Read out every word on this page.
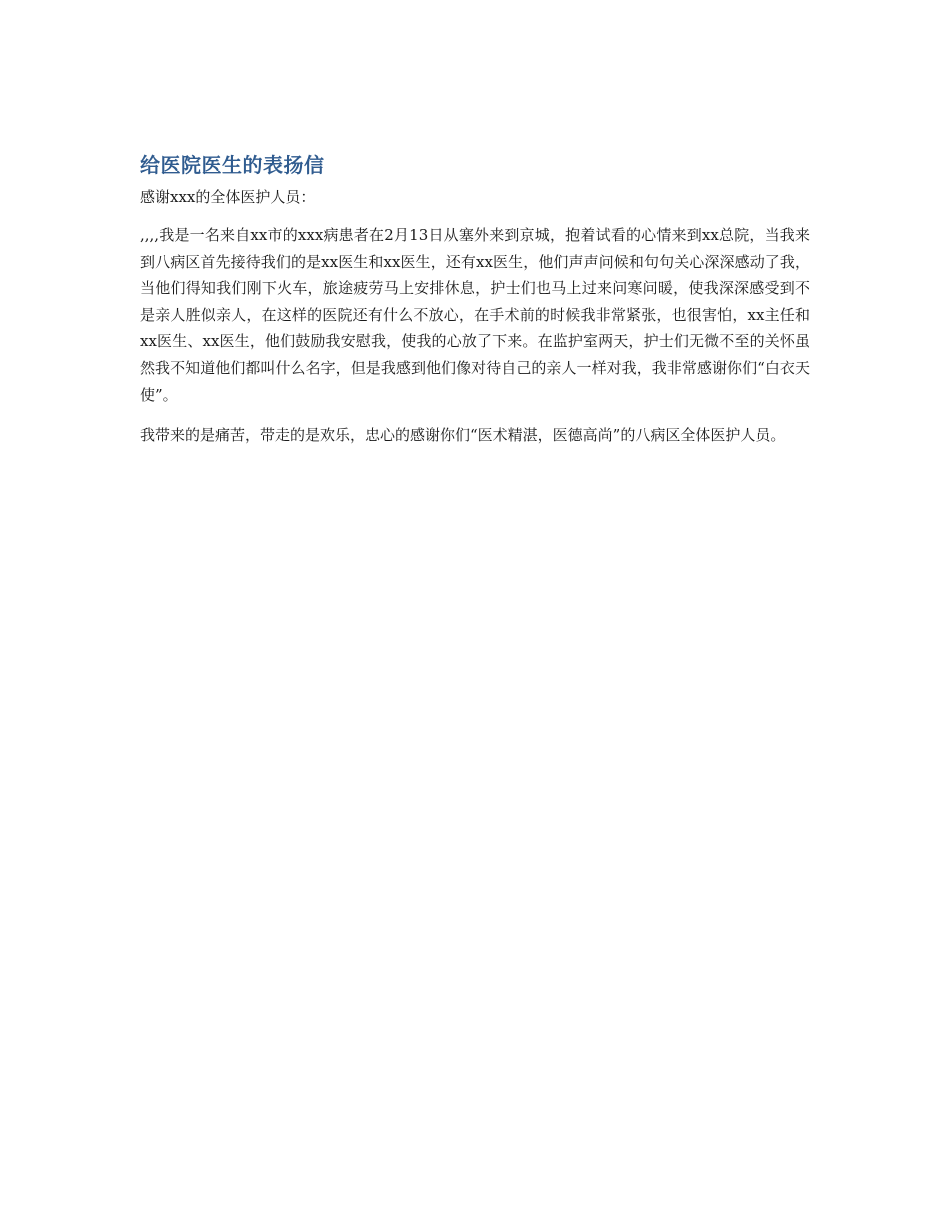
给医院医生的表扬信

感谢xxx的全体医护人员：

,,,,我是一名来自xx市的xxx病患者在2月13日从塞外来到京城，抱着试看的心情来到xx总院，当我来到八病区首先接待我们的是xx医生和xx医生，还有xx医生，他们声声问候和句句关心深深感动了我，当他们得知我们刚下火车，旅途疲劳马上安排休息，护士们也马上过来问寒问暖，使我深深感受到不是亲人胜似亲人，在这样的医院还有什么不放心，在手术前的时候我非常紧张，也很害怕，xx主任和xx医生、xx医生，他们鼓励我安慰我，使我的心放了下来。在监护室两天，护士们无微不至的关怀虽然我不知道他们都叫什么名字，但是我感到他们像对待自己的亲人一样对我，我非常感谢你们“白衣天使”。

我带来的是痛苦，带走的是欢乐，忠心的感谢你们“医术精湛，医德高尚”的八病区全体医护人员。
